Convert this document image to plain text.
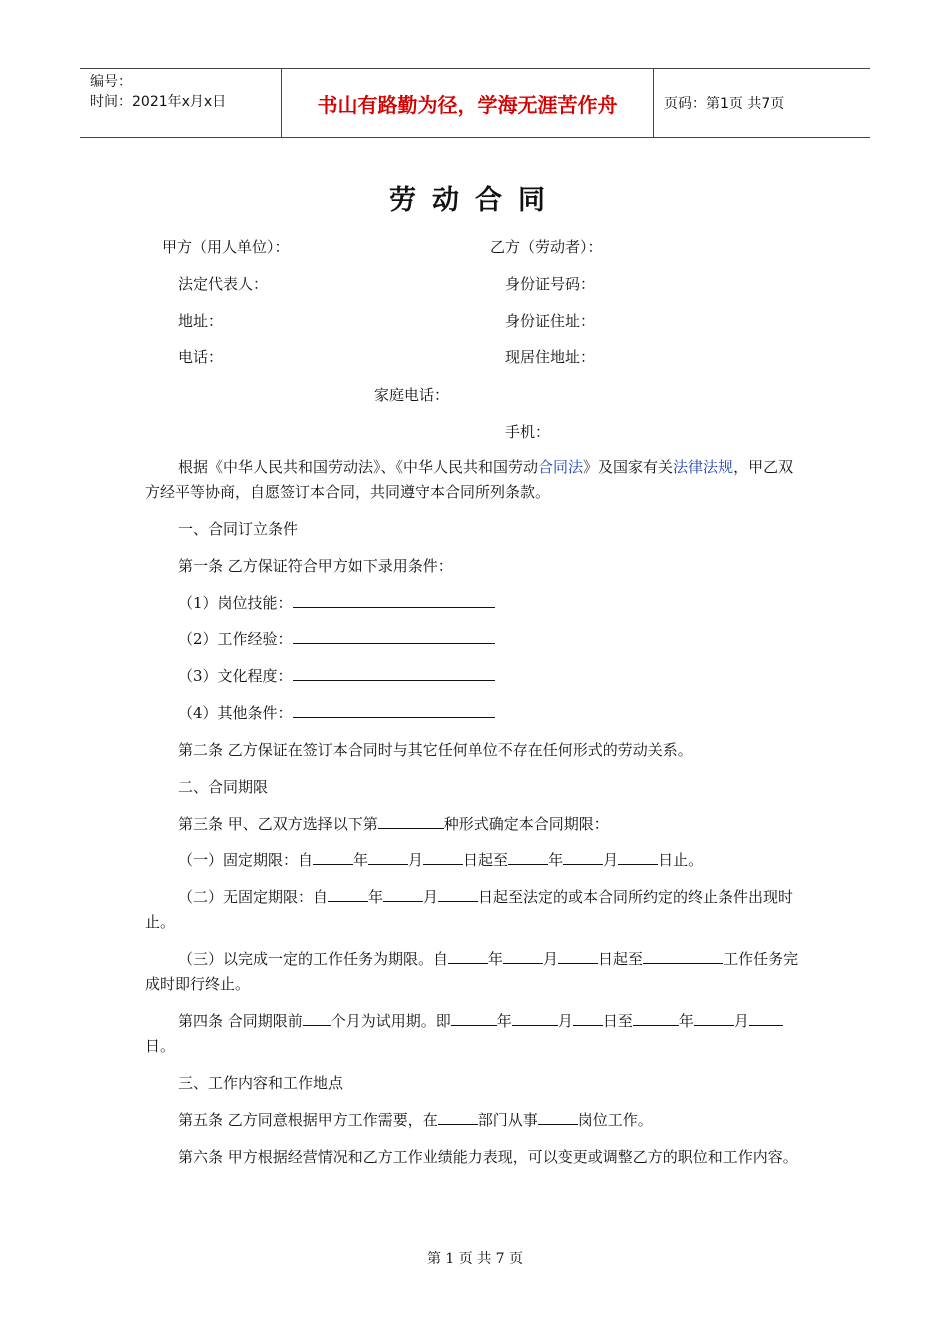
编号：
时间：2021年x月x日	书山有路勤为径，学海无涯苦作舟	页码：第1页 共7页
劳动合同
甲方（用人单位）：	乙方（劳动者）：
法定代表人：	身份证号码：
地址：	身份证住址：
电话：	现居住地址：
家庭电话：
手机：
根据《中华人民共和国劳动法》、《中华人民共和国劳动合同法》及国家有关法律法规，甲乙双方经平等协商，自愿签订本合同，共同遵守本合同所列条款。
一、合同订立条件
第一条 乙方保证符合甲方如下录用条件：
（1）岗位技能：
（2）工作经验：
（3）文化程度：
（4）其他条件：
第二条 乙方保证在签订本合同时与其它任何单位不存在任何形式的劳动关系。
二、合同期限
第三条 甲、乙双方选择以下第	种形式确定本合同期限：
（一）固定期限：自	年	月	日起至	年	月	日止。
（二）无固定期限：自	年	月	日起至法定的或本合同所约定的终止条件出现时止。
（三）以完成一定的工作任务为期限。自	年	月	日起至	工作任务完成时即行终止。
第四条 合同期限前 个月为试用期。即	年	月 日至	年	月日。
三、工作内容和工作地点
第五条 乙方同意根据甲方工作需要，在	部门从事	岗位工作。
第六条 甲方根据经营情况和乙方工作业绩能力表现，可以变更或调整乙方的职位和工作内容。
第 1 页 共 7 页
